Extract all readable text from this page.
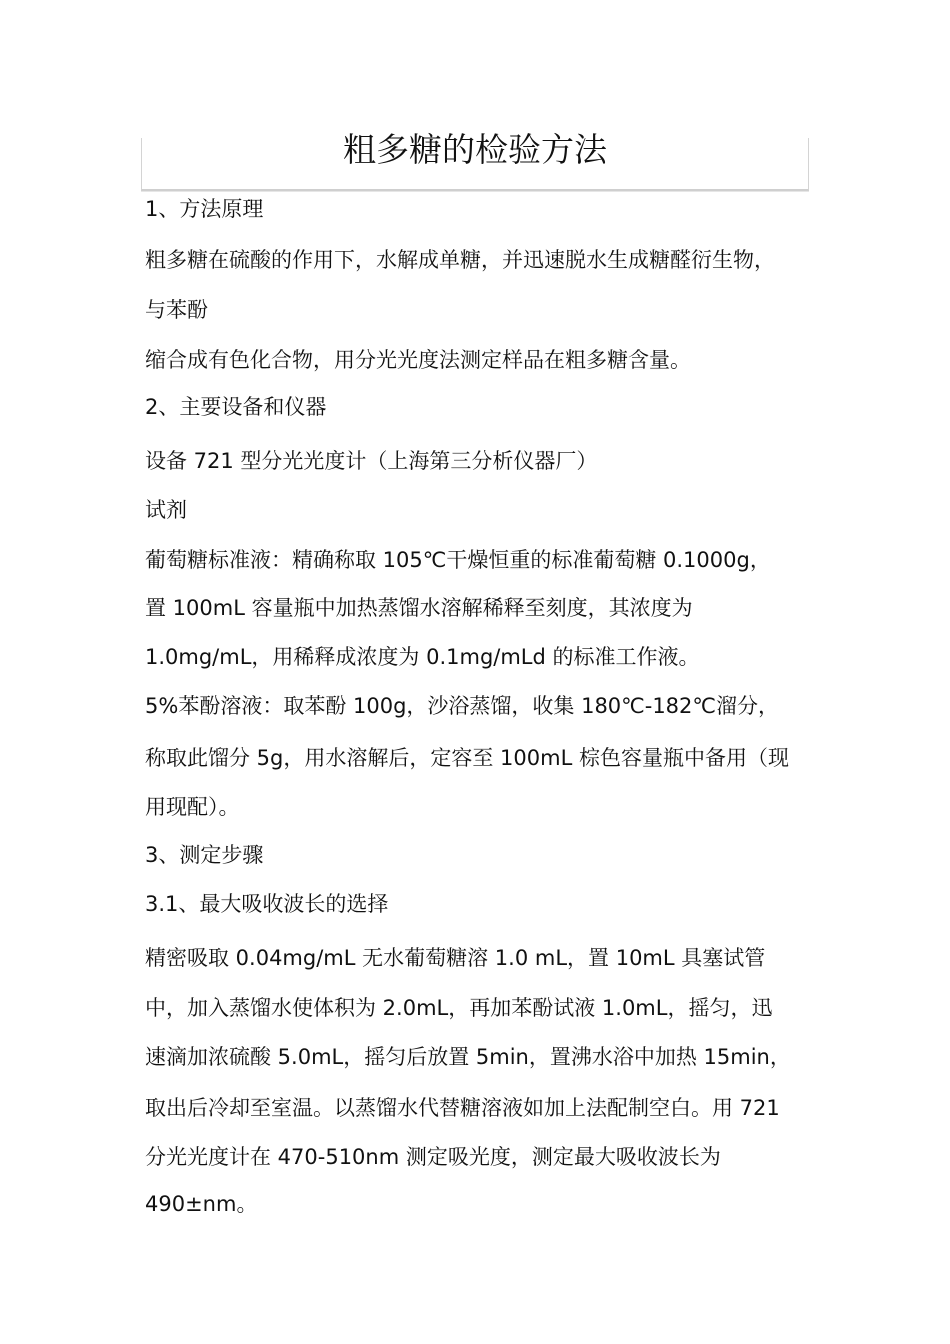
粗多糖的检验方法
1、方法原理
粗多糖在硫酸的作用下，水解成单糖，并迅速脱水生成糖醛衍生物，
与苯酚
缩合成有色化合物，用分光光度法测定样品在粗多糖含量。
2、主要设备和仪器
设备 721 型分光光度计（上海第三分析仪器厂）
试剂
葡萄糖标准液：精确称取 105℃干燥恒重的标准葡萄糖 0.1000g，
置 100mL 容量瓶中加热蒸馏水溶解稀释至刻度，其浓度为
1.0mg/mL，用稀释成浓度为 0.1mg/mLd 的标准工作液。
5%苯酚溶液：取苯酚 100g，沙浴蒸馏，收集 180℃-182℃溜分，
称取此馏分 5g，用水溶解后，定容至 100mL 棕色容量瓶中备用（现
用现配）。
3、测定步骤
3.1、最大吸收波长的选择
精密吸取 0.04mg/mL 无水葡萄糖溶 1.0 mL，置 10mL 具塞试管
中，加入蒸馏水使体积为 2.0mL，再加苯酚试液 1.0mL，摇匀，迅
速滴加浓硫酸 5.0mL，摇匀后放置 5min，置沸水浴中加热 15min，
取出后冷却至室温。以蒸馏水代替糖溶液如加上法配制空白。用 721
分光光度计在 470-510nm 测定吸光度，测定最大吸收波长为
490±nm。
